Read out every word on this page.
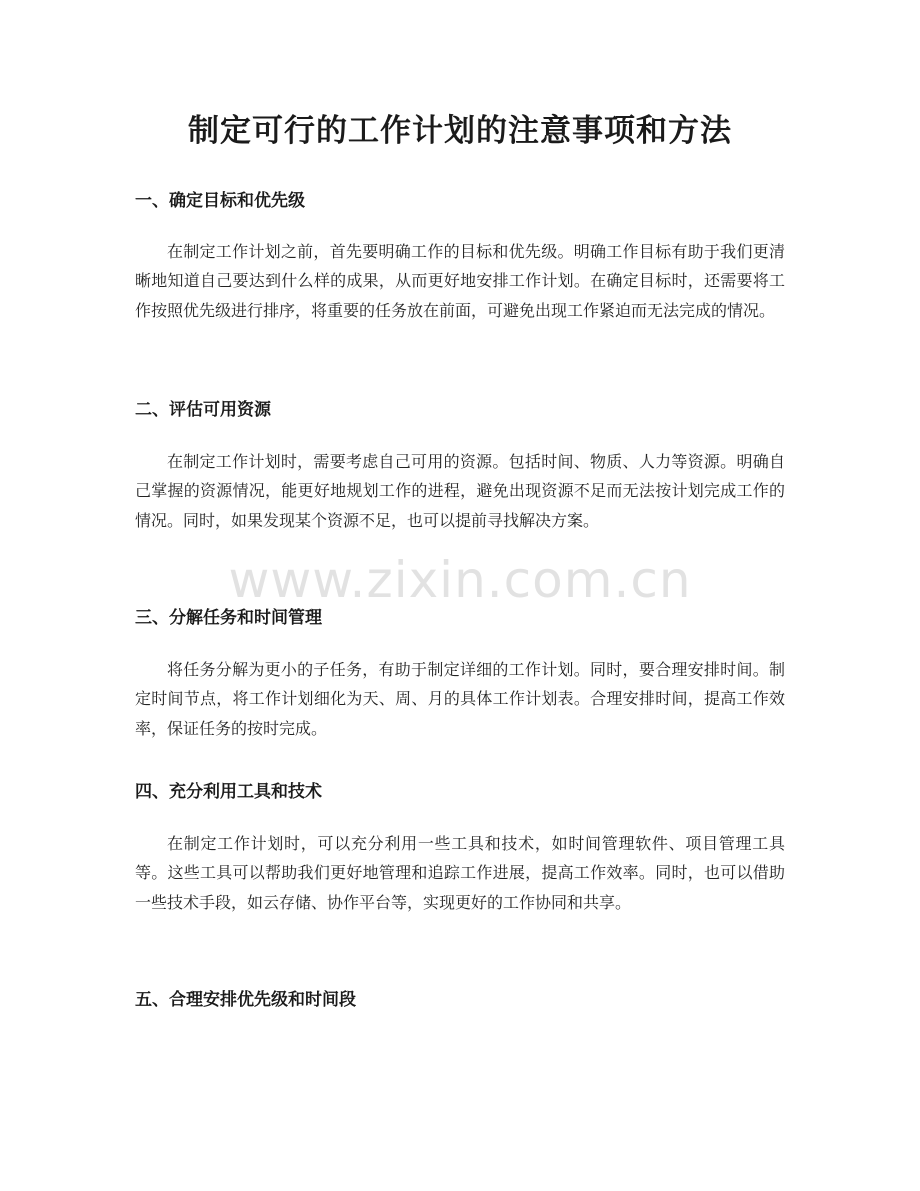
制定可行的工作计划的注意事项和方法
一、确定目标和优先级

在制定工作计划之前，首先要明确工作的目标和优先级。明确工作目标有助于我们更清晰地知道自己要达到什么样的成果，从而更好地安排工作计划。在确定目标时，还需要将工作按照优先级进行排序，将重要的任务放在前面，可避免出现工作紧迫而无法完成的情况。

二、评估可用资源

在制定工作计划时，需要考虑自己可用的资源。包括时间、物质、人力等资源。明确自己掌握的资源情况，能更好地规划工作的进程，避免出现资源不足而无法按计划完成工作的情况。同时，如果发现某个资源不足，也可以提前寻找解决方案。

www.zixin.com.cn
三、分解任务和时间管理

将任务分解为更小的子任务，有助于制定详细的工作计划。同时，要合理安排时间。制定时间节点，将工作计划细化为天、周、月的具体工作计划表。合理安排时间，提高工作效率，保证任务的按时完成。

四、充分利用工具和技术

在制定工作计划时，可以充分利用一些工具和技术，如时间管理软件、项目管理工具等。这些工具可以帮助我们更好地管理和追踪工作进展，提高工作效率。同时，也可以借助一些技术手段，如云存储、协作平台等，实现更好的工作协同和共享。

五、合理安排优先级和时间段
